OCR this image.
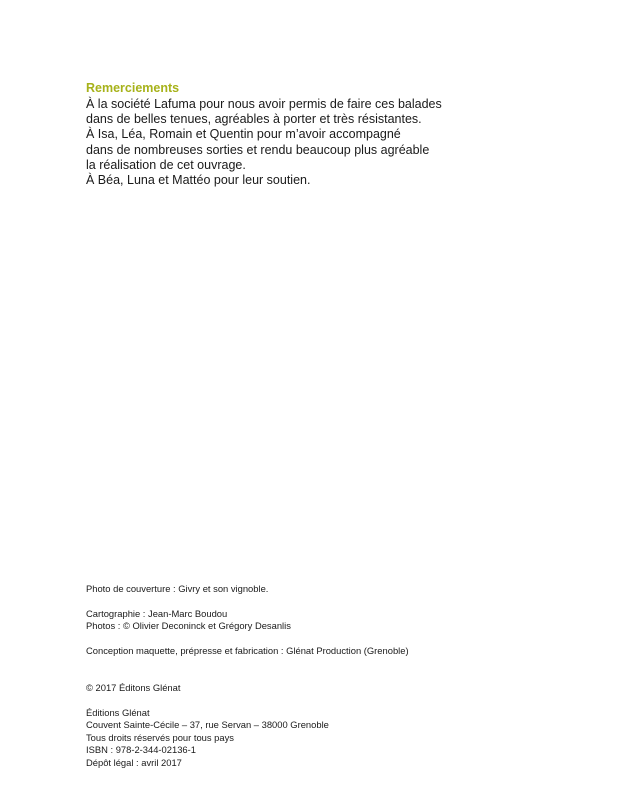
Remerciements

À la société Lafuma pour nous avoir permis de faire ces balades

dans de belles tenues, agréables à porter et très résistantes.

À Isa, Léa, Romain et Quentin pour m’avoir accompagné

dans de nombreuses sorties et rendu beaucoup plus agréable

la réalisation de cet ouvrage.

À Béa, Luna et Mattéo pour leur soutien.

Photo de couverture : Givry et son vignoble.

Cartographie : Jean-Marc Boudou

Photos : © Olivier Deconinck et Grégory Desanlis

Conception maquette, prépresse et fabrication : Glénat Production (Grenoble)

© 2017 Éditons Glénat

Éditions Glénat

Couvent Sainte-Cécile – 37, rue Servan – 38000 Grenoble

Tous droits réservés pour tous pays

ISBN : 978-2-344-02136-1

Dépôt légal : avril 2017
